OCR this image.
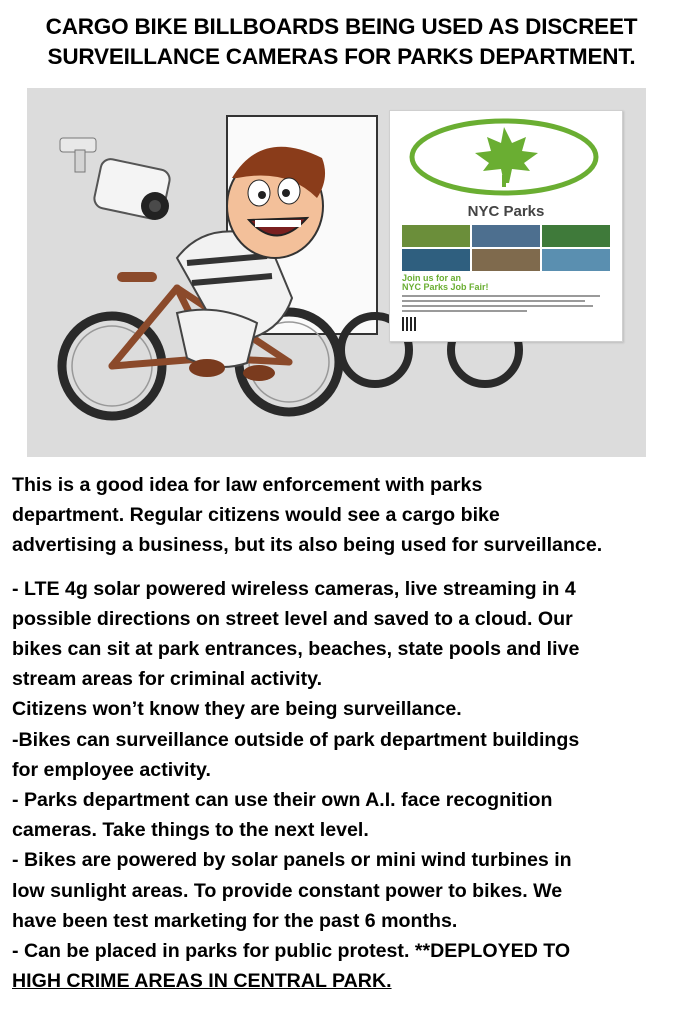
CARGO BIKE BILLBOARDS BEING USED AS DISCREET
SURVEILLANCE CAMERAS FOR PARKS DEPARTMENT.
NYC Parks
Join us for an
NYC Parks Job Fair!

This is a good idea for law enforcement with parks

department. Regular citizens would see a cargo bike

advertising a business, but its also being used for surveillance.

- LTE 4g solar powered wireless cameras, live streaming in 4

possible directions on street level and saved to a cloud. Our

bikes can sit at park entrances, beaches, state pools and live

stream areas for criminal activity.

Citizens won’t know they are being surveillance.

-Bikes can surveillance outside of park department buildings

for employee activity.

- Parks department can use their own A.I. face recognition

cameras. Take things to the next level.

- Bikes are powered by solar panels or mini wind turbines in

low sunlight areas. To provide constant power to bikes. We

have been test marketing for the past 6 months.

- Can be placed in parks for public protest. **DEPLOYED TO

HIGH CRIME AREAS IN CENTRAL PARK.
